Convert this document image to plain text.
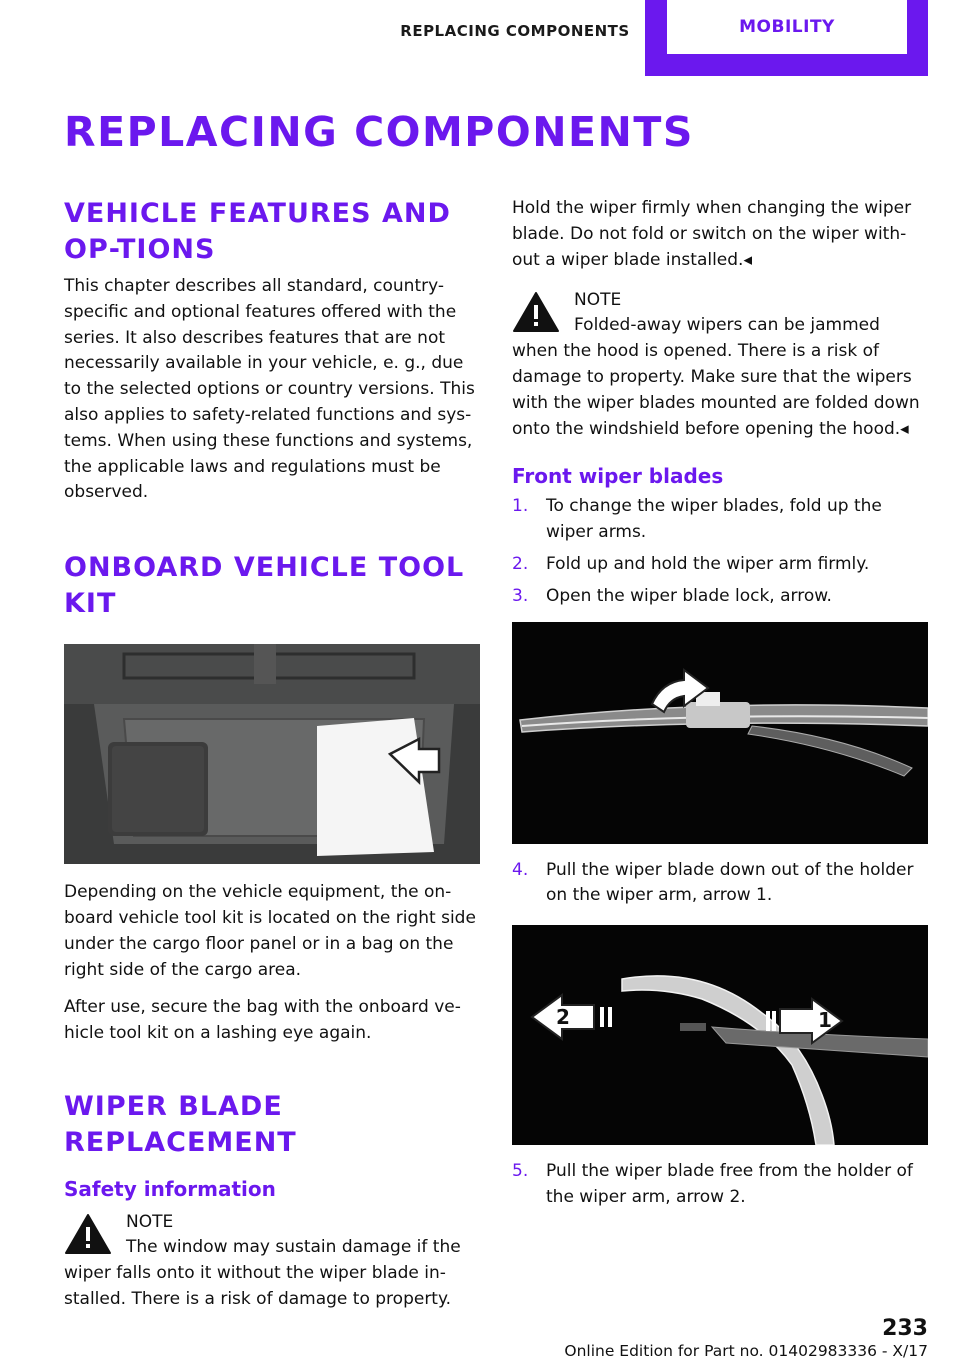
REPLACING COMPONENTS	MOBILITY
REPLACING COMPONENTS
VEHICLE FEATURES AND OP‐TIONS

This chapter describes all standard, country-specific and optional features offered with the series. It also describes features that are not necessarily available in your vehicle, e. g., due to the selected options or country versions. This also applies to safety-related functions and sys‐tems. When using these functions and systems, the applicable laws and regulations must be observed.

ONBOARD VEHICLE TOOL KIT

Depending on the vehicle equipment, the on‐board vehicle tool kit is located on the right side under the cargo floor panel or in a bag on the right side of the cargo area.

After use, secure the bag with the onboard ve‐hicle tool kit on a lashing eye again.

WIPER BLADE REPLACEMENT
Safety information

NOTE

The window may sustain damage if the wiper falls onto it without the wiper blade in‐stalled. There is a risk of damage to property.

Hold the wiper firmly when changing the wiper blade. Do not fold or switch on the wiper with‐out a wiper blade installed.◂

NOTE

Folded-away wipers can be jammed when the hood is opened. There is a risk of damage to property. Make sure that the wipers with the wiper blades mounted are folded down onto the windshield before opening the hood.◂

Front wiper blades
1. To change the wiper blades, fold up the wiper arms.
2. Fold up and hold the wiper arm firmly.
3. Open the wiper blade lock, arrow.
4. Pull the wiper blade down out of the holder on the wiper arm, arrow 1.
1
2
5. Pull the wiper blade free from the holder of the wiper arm, arrow 2.
233
Online Edition for Part no. 01402983336 - X/17
